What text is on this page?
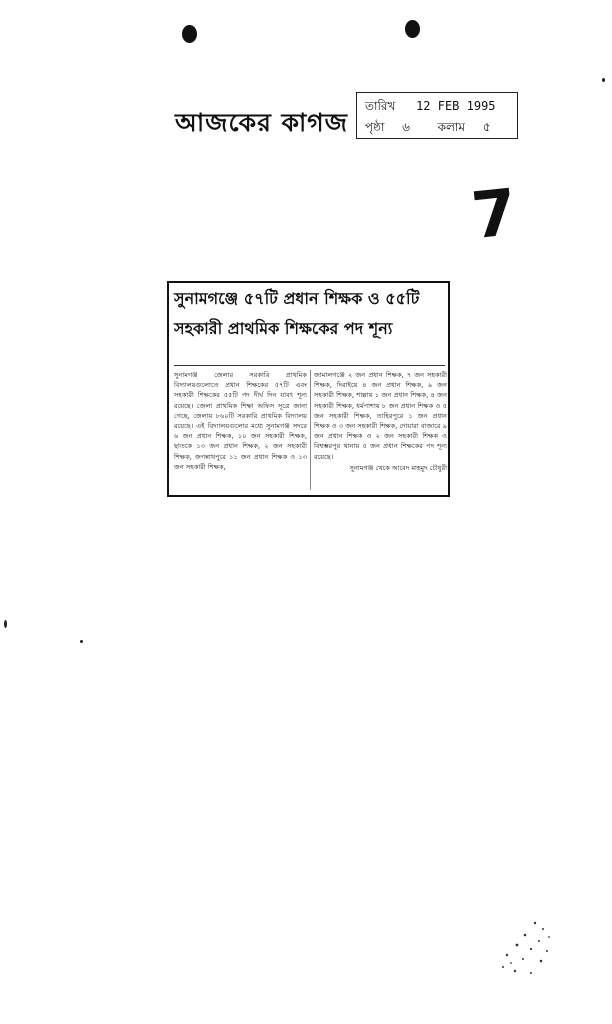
আজকের কাগজ
তারিখ 12 FEB 1995
পৃষ্ঠা ৬ কলাম ৫
7
সুনামগঞ্জে ৫৭টি প্রধান শিক্ষক ও ৫৫টি
সহকারী প্রাথমিক শিক্ষকের পদ শূন্য
সুনামগঞ্জ জেলার সরকারি প্রাথমিক বিদ্যালয়গুলোতে প্রধান শিক্ষকের ৫৭টি এবং সহকারী শিক্ষকের ৫৫টি পদ দীর্ঘ দিন যাবৎ শূন্য রয়েছে। জেলা প্রাথমিক শিক্ষা অফিস সূত্রে জানা গেছে, জেলায় ৮৬০টি সরকারি প্রাথমিক বিদ্যালয় রয়েছে। এই বিদ্যালয়গুলোর মধ্যে সুনামগঞ্জ সদরে ৬ জন প্রধান শিক্ষক, ১০ জন সহকারী শিক্ষক, ছাতকে ১৩ জন প্রধান শিক্ষক, ২ জন সহকারী শিক্ষক, জগন্নাথপুরে ১১ জন প্রধান শিক্ষক ও ১৩ জন সহকারী শিক্ষক,
জামালগঞ্জে ২ জন প্রধান শিক্ষক, ৭ জন সহকারী শিক্ষক, দিরাইয়ে ৪ জন প্রধান শিক্ষক, ৯ জন সহকারী শিক্ষক, শাল্লায় ১ জন প্রধান শিক্ষক, ৪ জন সহকারী শিক্ষক, ধর্মপাশায় ৮ জন প্রধান শিক্ষক ও ৫ জন সহকারী শিক্ষক, তাহিরপুরে ১ জন প্রধান শিক্ষক ও ৩ জন সহকারী শিক্ষক, দোয়ারা বাজারে ৯ জন প্রধান শিক্ষক ও ২ জন সহকারী শিক্ষক ও বিশ্বম্ভরপুর থানায় ৫ জন প্রধান শিক্ষকের পদ শূন্য রয়েছে।
সুনামগঞ্জ থেকে আবেদ মাহমুদ চৌধুরী
